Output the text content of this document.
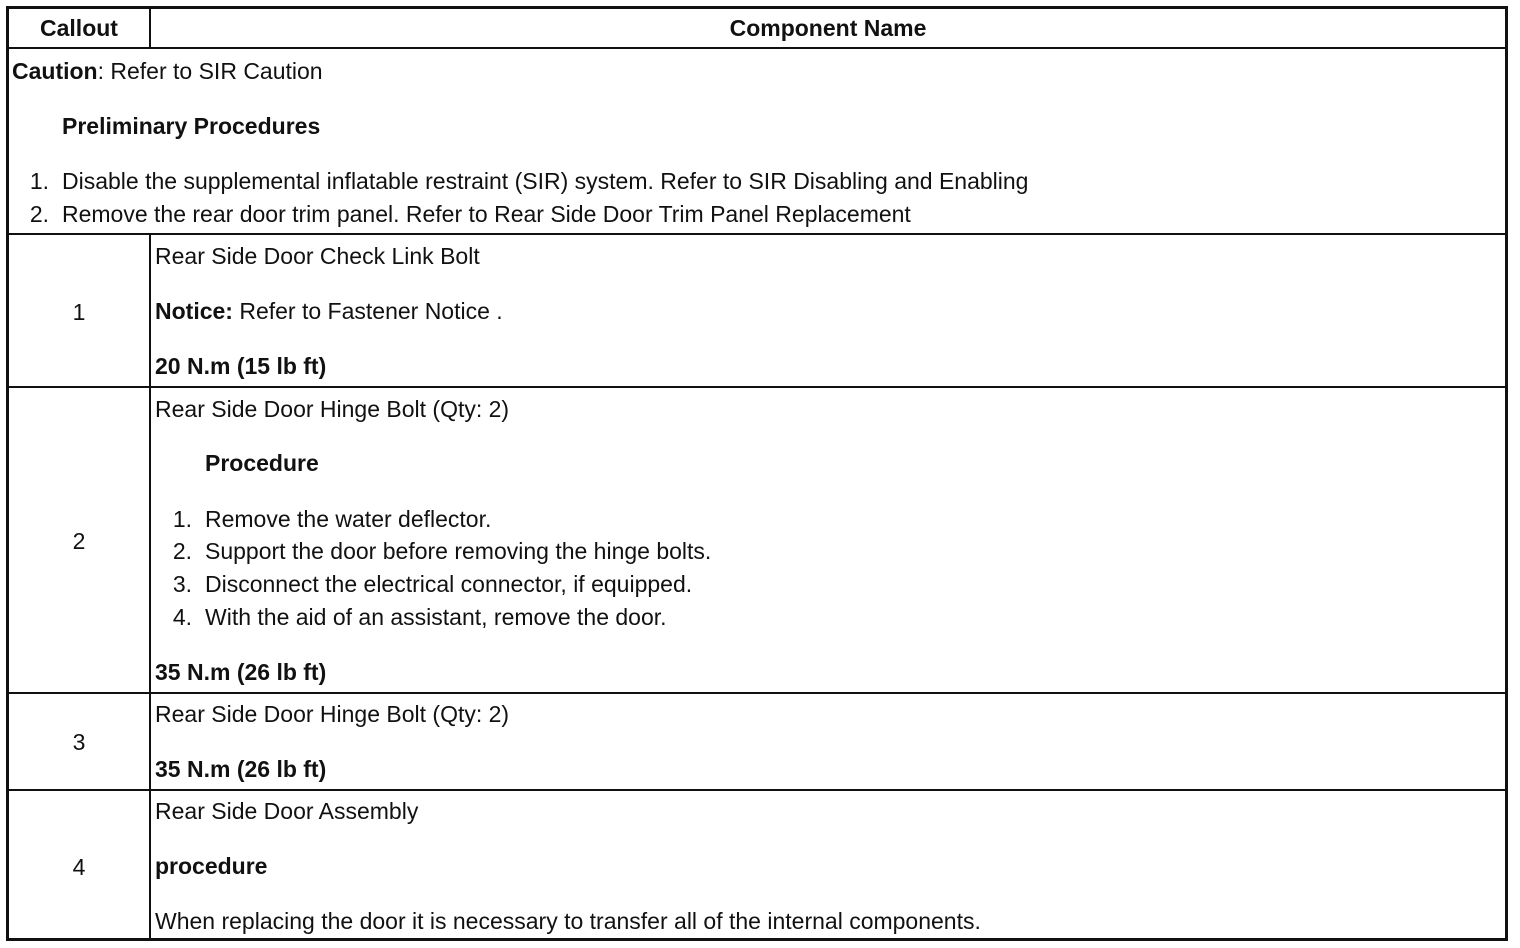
Callout	Component Name
Caution: Refer to SIR Caution
Preliminary Procedures
1. Disable the supplemental inflatable restraint (SIR) system. Refer to SIR Disabling and Enabling
2. Remove the rear door trim panel. Refer to Rear Side Door Trim Panel Replacement
1
Rear Side Door Check Link Bolt
Notice: Refer to Fastener Notice .
20 N.m (15 lb ft)
2
Rear Side Door Hinge Bolt (Qty: 2)
Procedure
1. Remove the water deflector.
2. Support the door before removing the hinge bolts.
3. Disconnect the electrical connector, if equipped.
4. With the aid of an assistant, remove the door.
35 N.m (26 lb ft)
3
Rear Side Door Hinge Bolt (Qty: 2)
35 N.m (26 lb ft)
4
Rear Side Door Assembly
procedure
When replacing the door it is necessary to transfer all of the internal components.
